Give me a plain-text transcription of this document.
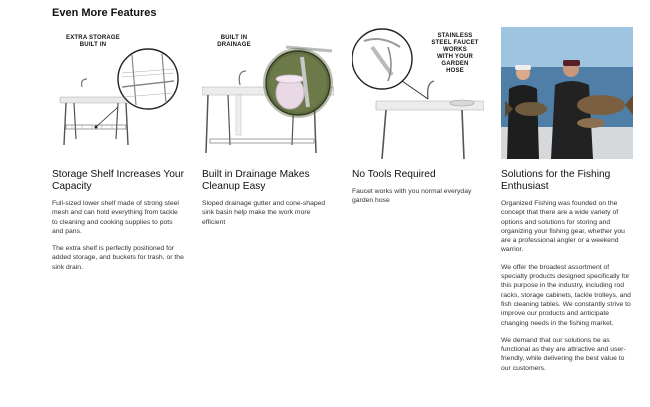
Even More Features
EXTRA STORAGE
BUILT IN
Storage Shelf Increases Your Capacity
Full-sized lower shelf made of strong steel mesh and can hold everything from tackle to cleaning and cooking supplies to pots and pans.
The extra shelf is perfectly positioned for added storage, and buckets for trash, or the sink drain.
BUILT IN
DRAINAGE
Built in Drainage Makes Cleanup Easy
Sloped drainage gutter and cone-shaped sink basin help make the work more efficient
STAINLESS
STEEL FAUCET
WORKS
WITH YOUR
GARDEN
HOSE
No Tools Required
Faucet works with you normal everyday garden hose
Solutions for the Fishing Enthusiast
Organized Fishing was founded on the concept that there are a wide variety of options and solutions for storing and organizing your fishing gear, whether you are a professional angler or a weekend warrior.
We offer the broadest assortment of specialty products designed specifically for this purpose in the industry, including rod racks, storage cabinets, tackle trolleys, and fish cleaning tables. We constantly strive to improve our products and anticipate changing needs in the fishing market.
We demand that our solutions be as functional as they are attractive and user-friendly, while delivering the best value to our customers.
